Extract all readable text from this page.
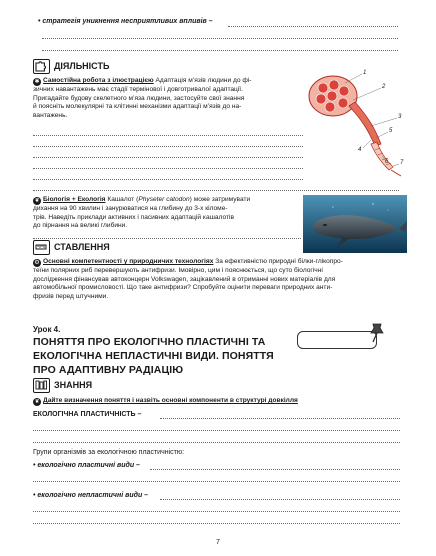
• стратегія уникнення несприятливих впливів –
ДІЯЛЬНІСТЬ
✱ Самостійна робота з ілюстрацією Адаптація м’язів людини до фі-
зичних навантажень має стадії термінової і довготривалої адаптації.
Пригадайте будову скелетного м’яза людини, застосуйте свої знання
й поясніть молекулярні та клітинні механізми адаптації м’язів до на-
вантажень.
1
2
3
4
5
6 7
❦ Біологія + Екологія Кашалот (Physeter catodon) може затримувати
дихання на 90 хвилин і занурюватися на глибину до 3-х кіломе-
трів. Наведіть приклади активних і пасивних адаптацій кашалотів
до пірнання на великі глибини.
СТАВЛЕННЯ
⚙ Основні компетентності у природничих технологіях За ефективністю природні білки-глікопро-
теїни полярних риб перевершують антифризи. Імовірно, цим і пояснюється, що суто біологічні
дослідження фінансував автоконцерн Volkswagen, зацікавлений в отриманні нових матеріалів для
автомобільної промисловості. Що таке антифризи? Спробуйте оцінити переваги природних анти-
фризів перед штучними.
Урок 4.
ПОНЯТТЯ ПРО ЕКОЛОГІЧНО ПЛАСТИЧНІ ТА
ЕКОЛОГІЧНА НЕПЛАСТИЧНІ ВИДИ. ПОНЯТТЯ
ПРО АДАПТИВНУ РАДІАЦІЮ
ЗНАННЯ
❦ Дайте визначення поняття і назвіть основні компоненти в структурі довкілля
ЕКОЛОГІЧНА ПЛАСТИЧНІСТЬ –
Групи організмів за екологічною пластичністю:
• екологічно пластичні види –
• екологічно непластичні види –
7
